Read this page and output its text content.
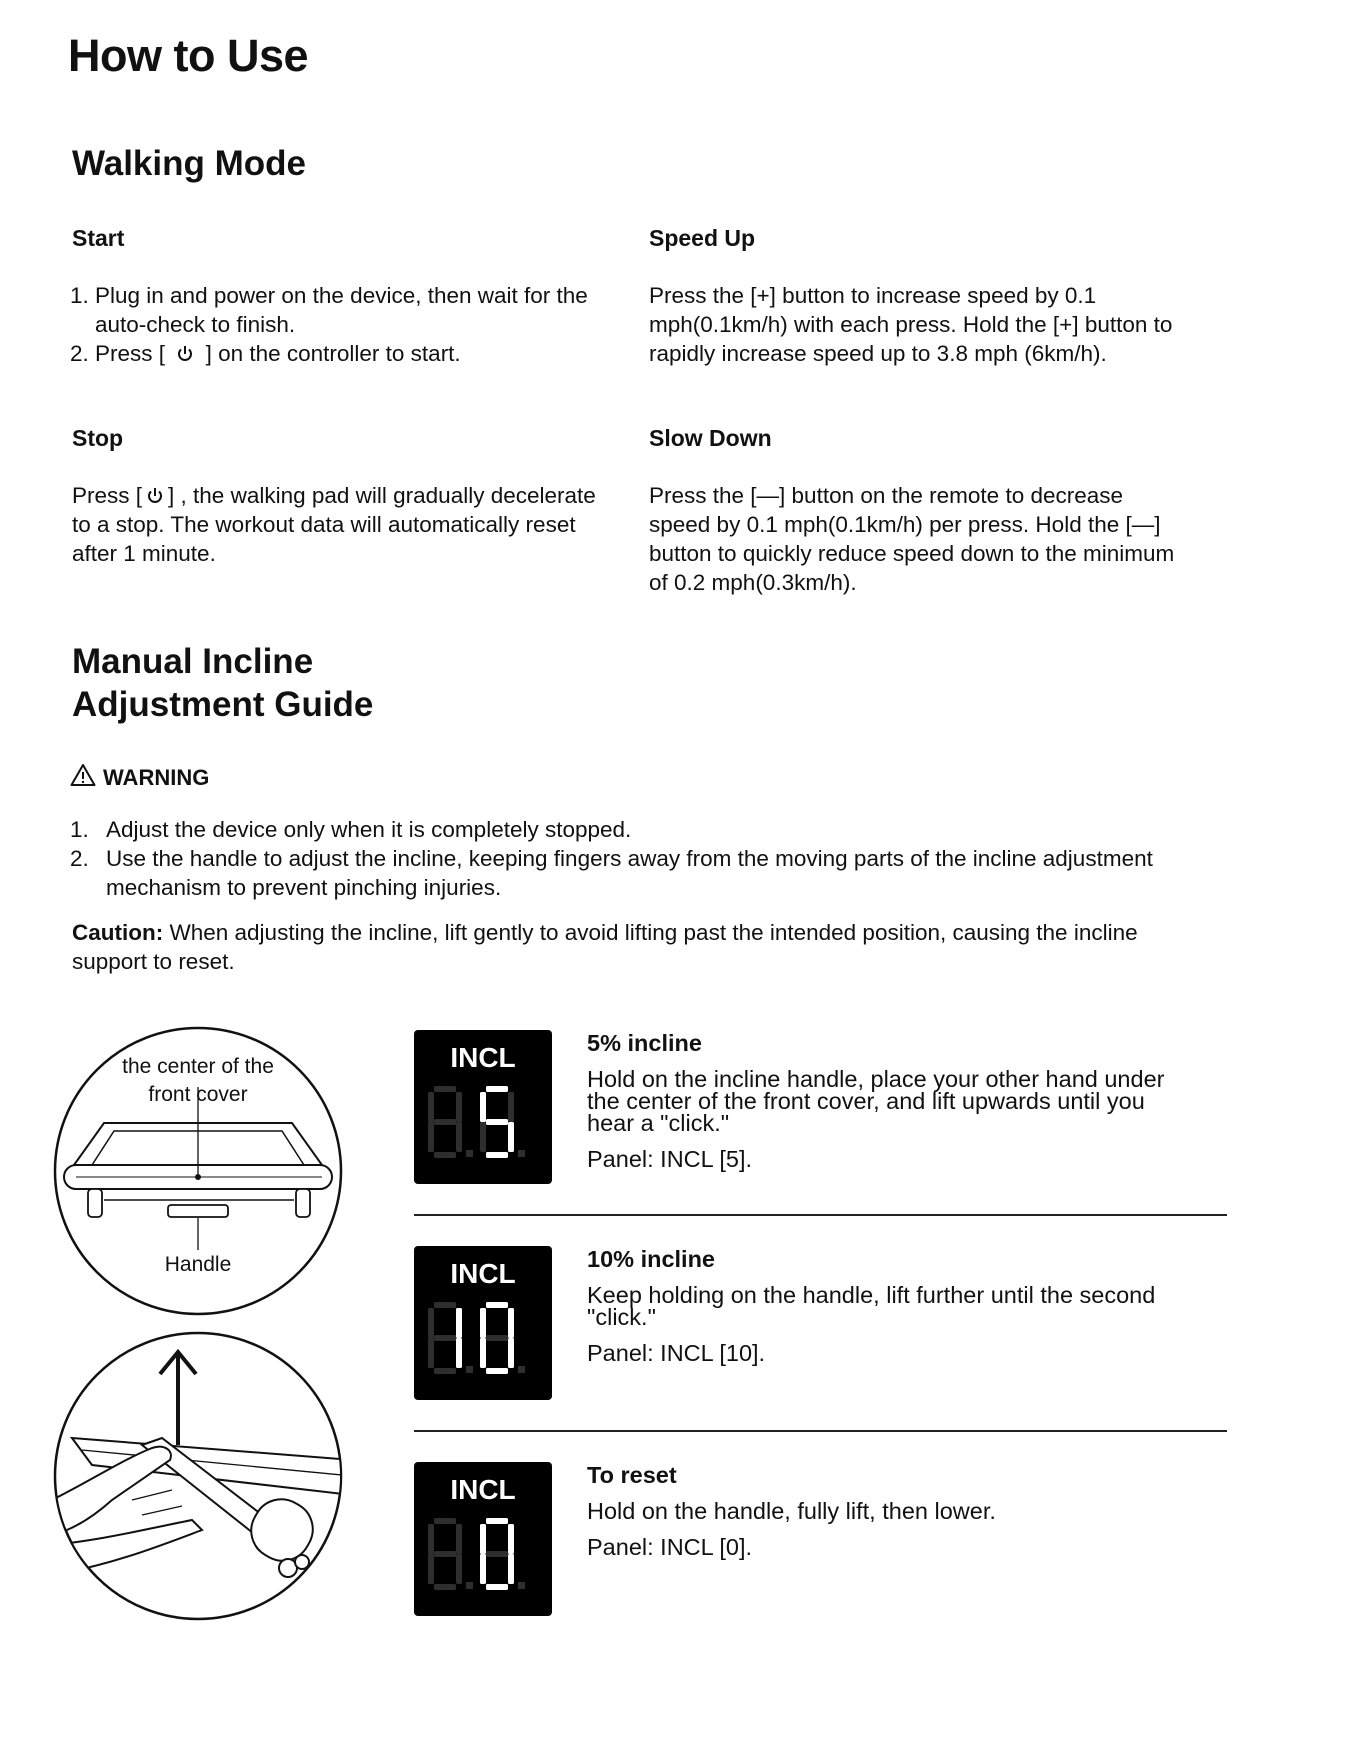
How to Use
Walking Mode
Start
1. Plug in and power on the device, then wait for the auto-check to finish.
2. Press [ ] on the controller to start.
Stop
Press [ ] , the walking pad will gradually decelerate to a stop. The workout data will automatically reset after 1 minute.
Speed Up
Press the [+] button to increase speed by 0.1 mph(0.1km/h) with each press. Hold the [+] button to rapidly increase speed up to 3.8 mph (6km/h).
Slow Down
Press the [—] button on the remote to decrease speed by 0.1 mph(0.1km/h) per press. Hold the [—] button to quickly reduce speed down to the minimum of 0.2 mph(0.3km/h).
Manual Incline
Adjustment Guide
WARNING
1. Adjust the device only when it is completely stopped.
2. Use the handle to adjust the incline, keeping fingers away from the moving parts of the incline adjustment mechanism to prevent pinching injuries.
Caution: When adjusting the incline, lift gently to avoid lifting past the intended position, causing the incline support to reset.
the center of the front cover
Handle
INCL	5% incline
Hold on the incline handle, place your other hand under the center of the front cover, and lift upwards until you hear a "click."
Panel: INCL [5].
INCL	10% incline
Keep holding on the handle, lift further until the second "click."
Panel: INCL [10].
INCL	To reset
Hold on the handle, fully lift, then lower.
Panel: INCL [0].
